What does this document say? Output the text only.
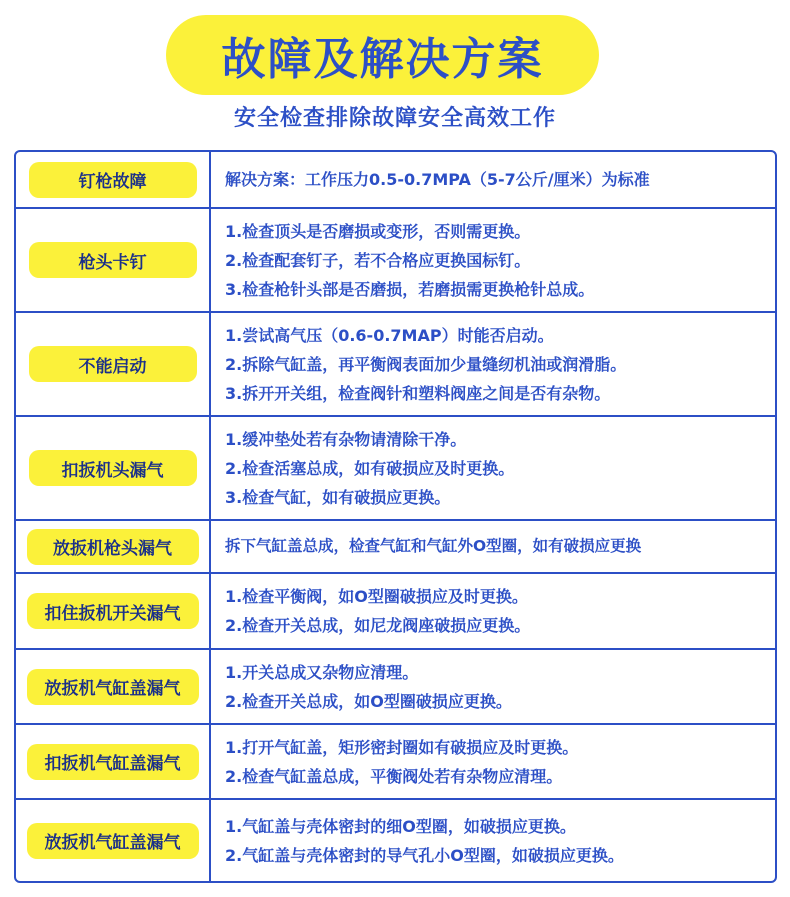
故障及解决方案
安全检查排除故障安全高效工作
钉枪故障	解决方案：工作压力0.5-0.7MPA（5-7公斤/厘米）为标准
枪头卡钉
1.检查顶头是否磨损或变形，否则需更换。
2.检查配套钉子，若不合格应更换国标钉。
3.检查枪针头部是否磨损，若磨损需更换枪针总成。
不能启动
1.尝试高气压（0.6-0.7MAP）时能否启动。
2.拆除气缸盖，再平衡阀表面加少量缝纫机油或润滑脂。
3.拆开开关组，检查阀针和塑料阀座之间是否有杂物。
扣扳机头漏气
1.缓冲垫处若有杂物请清除干净。
2.检查活塞总成，如有破损应及时更换。
3.检查气缸，如有破损应更换。
放扳机枪头漏气	拆下气缸盖总成，检查气缸和气缸外O型圈，如有破损应更换
扣住扳机开关漏气
1.检查平衡阀，如O型圈破损应及时更换。
2.检查开关总成，如尼龙阀座破损应更换。
放扳机气缸盖漏气
1.开关总成又杂物应清理。
2.检查开关总成，如O型圈破损应更换。
扣扳机气缸盖漏气
1.打开气缸盖，矩形密封圈如有破损应及时更换。
2.检查气缸盖总成，平衡阀处若有杂物应清理。
放扳机气缸盖漏气
1.气缸盖与壳体密封的细O型圈，如破损应更换。
2.气缸盖与壳体密封的导气孔小O型圈，如破损应更换。
